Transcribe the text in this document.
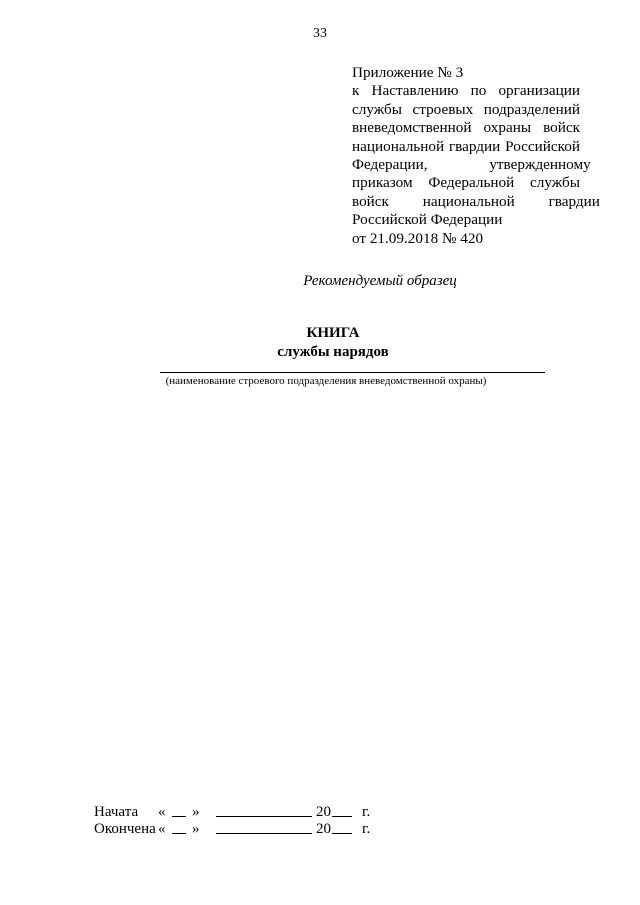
33
Приложение № 3
к Наставлению по организации
службы строевых подразделений
вневедомственной охраны войск
национальной гвардии Российской
Федерации, утвержденному
приказом Федеральной службы
войск национальной гвардии
Российской Федерации
от 21.09.2018 № 420
Рекомендуемый образец
КНИГА
службы нарядов
(наименование строевого подразделения вневедомственной охраны)
Начата « »	20 г.
Окончена « »	20 г.
